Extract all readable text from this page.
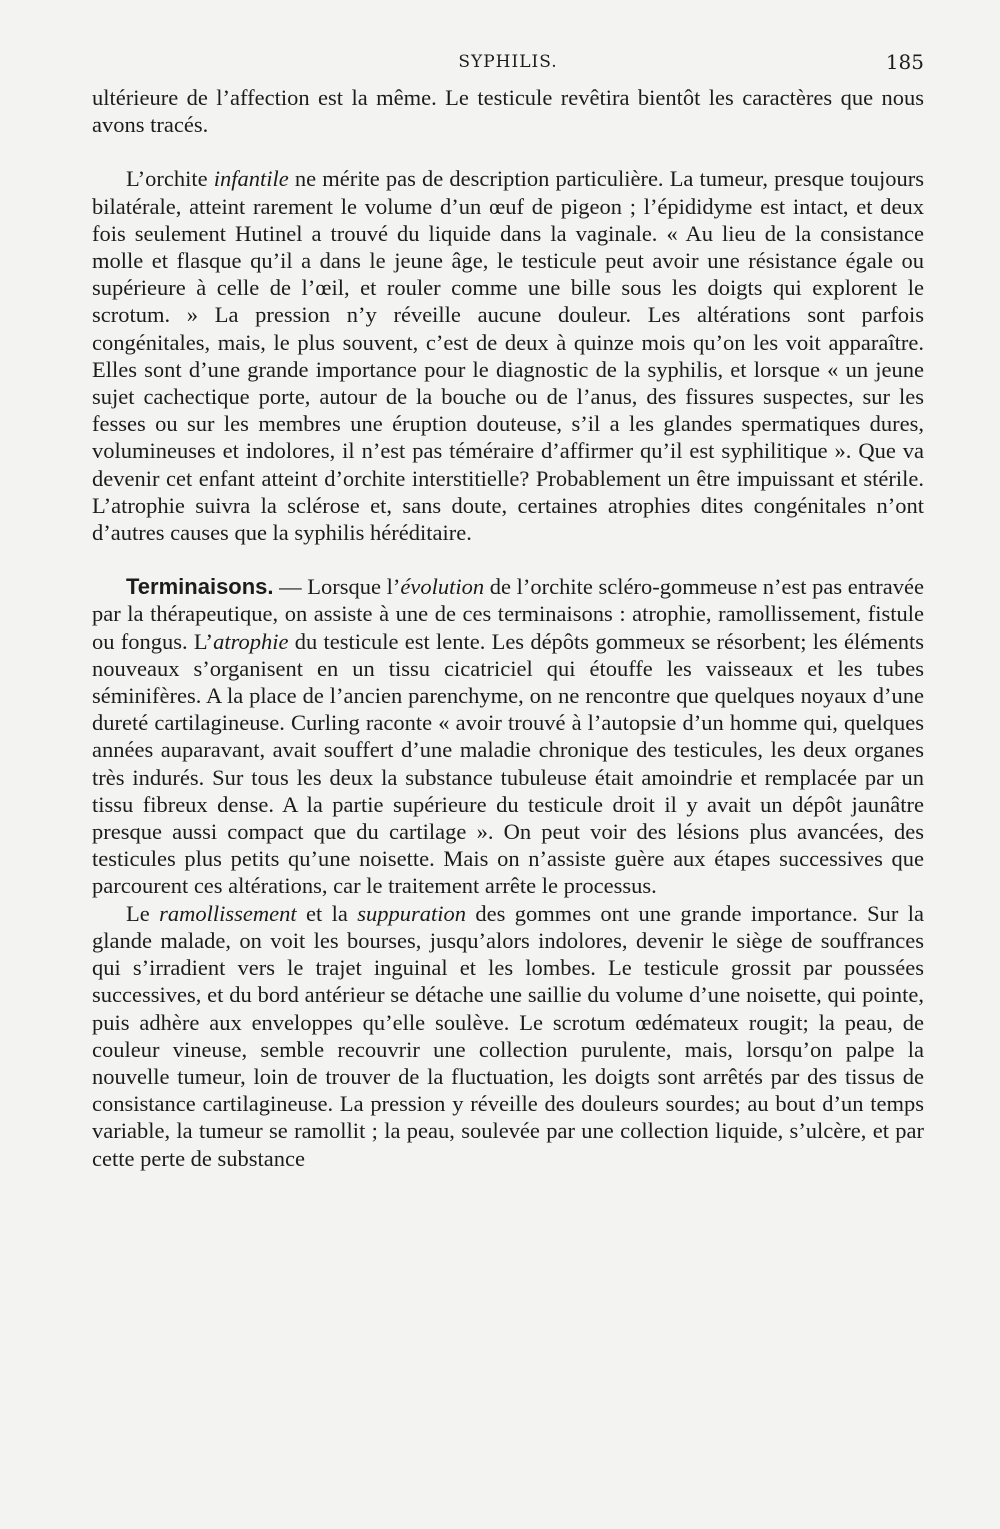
SYPHILIS.	185

ultérieure de l’affection est la même. Le testicule revêtira bientôt les caractères que nous avons tracés.

L’orchite infantile ne mérite pas de description particulière. La tumeur, presque toujours bilatérale, atteint rarement le volume d’un œuf de pigeon ; l’épididyme est intact, et deux fois seulement Hutinel a trouvé du liquide dans la vaginale. « Au lieu de la consistance molle et flasque qu’il a dans le jeune âge, le testicule peut avoir une résistance égale ou supérieure à celle de l’œil, et rouler comme une bille sous les doigts qui explorent le scrotum. » La pression n’y réveille aucune douleur. Les altérations sont parfois congénitales, mais, le plus souvent, c’est de deux à quinze mois qu’on les voit apparaître. Elles sont d’une grande importance pour le diagnostic de la syphilis, et lorsque « un jeune sujet cachectique porte, autour de la bouche ou de l’anus, des fissures suspectes, sur les fesses ou sur les membres une éruption douteuse, s’il a les glandes spermatiques dures, volumineuses et indolores, il n’est pas téméraire d’affirmer qu’il est syphilitique ». Que va devenir cet enfant atteint d’orchite interstitielle? Probablement un être impuissant et stérile. L’atrophie suivra la sclérose et, sans doute, certaines atrophies dites congénitales n’ont d’autres causes que la syphilis héréditaire.

Terminaisons. — Lorsque l’évolution de l’orchite scléro-gommeuse n’est pas entravée par la thérapeutique, on assiste à une de ces terminaisons : atrophie, ramollissement, fistule ou fongus. L’atrophie du testicule est lente. Les dépôts gommeux se résorbent; les éléments nouveaux s’organisent en un tissu cicatriciel qui étouffe les vaisseaux et les tubes séminifères. A la place de l’ancien parenchyme, on ne rencontre que quelques noyaux d’une dureté cartilagineuse. Curling raconte « avoir trouvé à l’autopsie d’un homme qui, quelques années auparavant, avait souffert d’une maladie chronique des testicules, les deux organes très indurés. Sur tous les deux la substance tubuleuse était amoindrie et remplacée par un tissu fibreux dense. A la partie supérieure du testicule droit il y avait un dépôt jaunâtre presque aussi compact que du cartilage ». On peut voir des lésions plus avancées, des testicules plus petits qu’une noisette. Mais on n’assiste guère aux étapes successives que parcourent ces altérations, car le traitement arrête le processus.

Le ramollissement et la suppuration des gommes ont une grande importance. Sur la glande malade, on voit les bourses, jusqu’alors indolores, devenir le siège de souffrances qui s’irradient vers le trajet inguinal et les lombes. Le testicule grossit par poussées successives, et du bord antérieur se détache une saillie du volume d’une noisette, qui pointe, puis adhère aux enveloppes qu’elle soulève. Le scrotum œdémateux rougit; la peau, de couleur vineuse, semble recouvrir une collection purulente, mais, lorsqu’on palpe la nouvelle tumeur, loin de trouver de la fluctuation, les doigts sont arrêtés par des tissus de consistance cartilagineuse. La pression y réveille des douleurs sourdes; au bout d’un temps variable, la tumeur se ramollit ; la peau, soulevée par une collection liquide, s’ulcère, et par cette perte de substance
